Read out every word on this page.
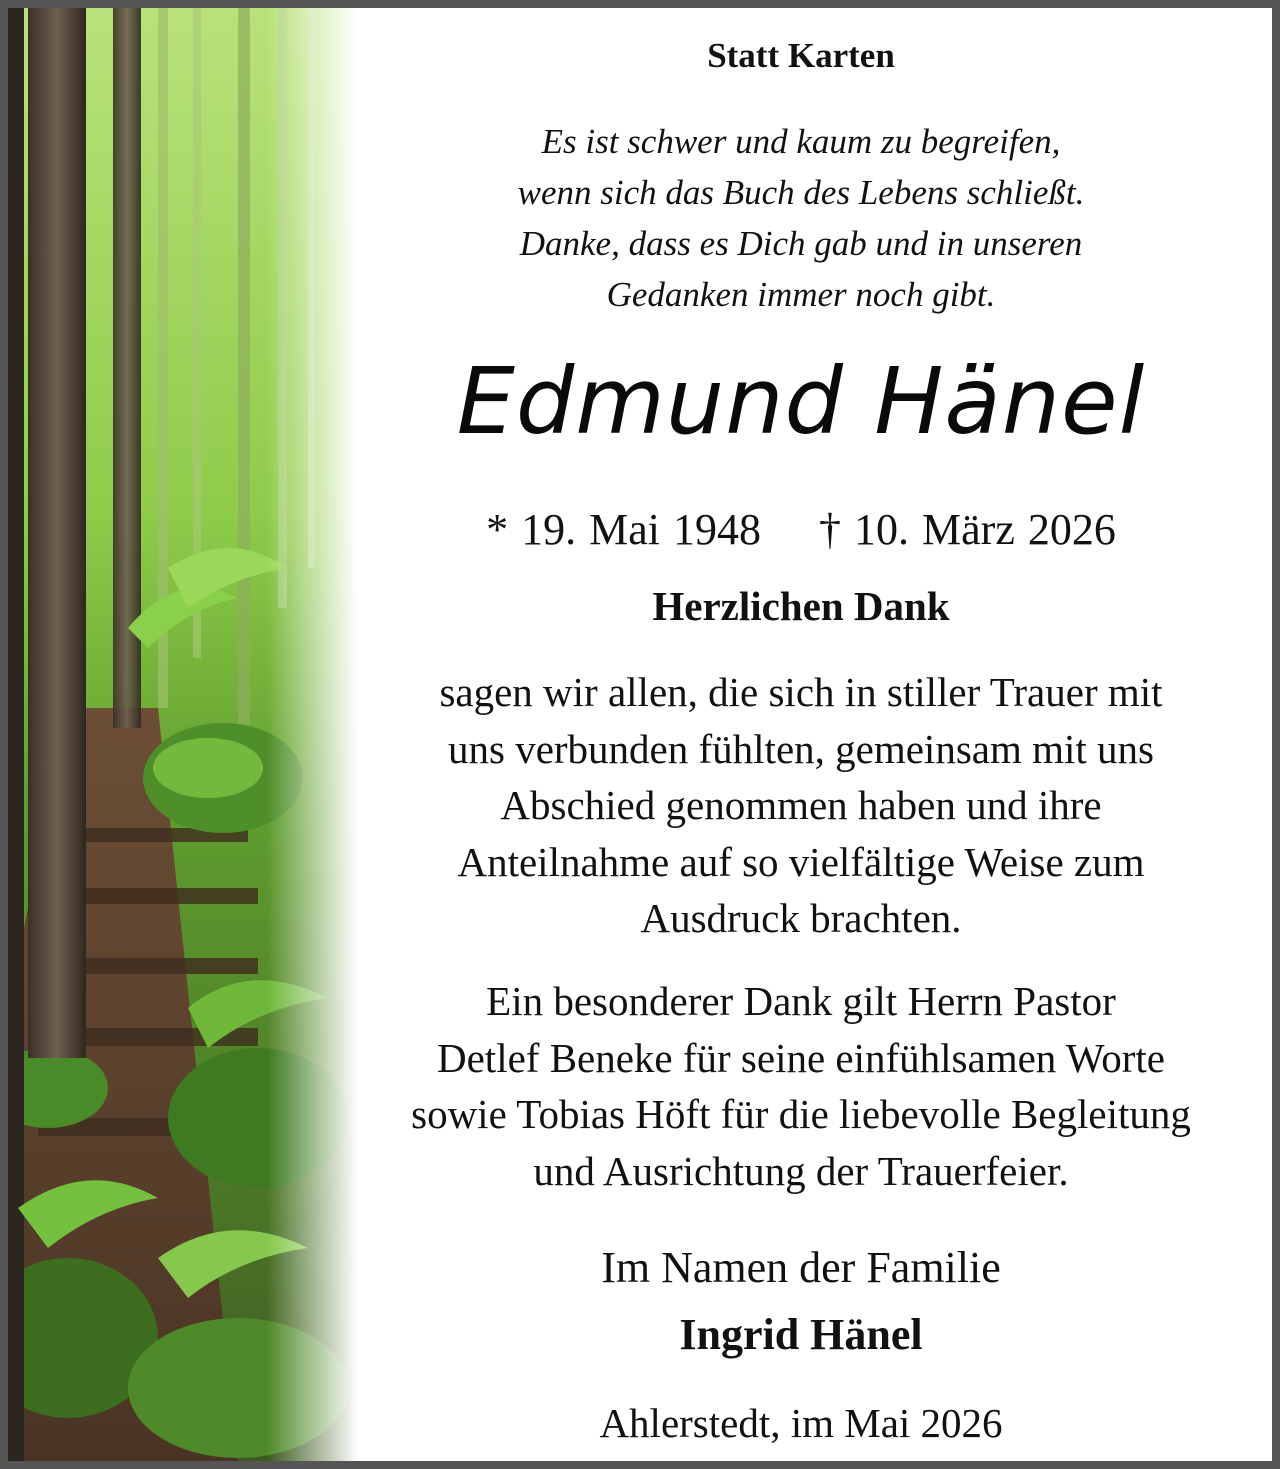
Statt Karten
Es ist schwer und kaum zu begreifen,
wenn sich das Buch des Lebens schließt.
Danke, dass es Dich gab und in unseren
Gedanken immer noch gibt.
Edmund Hänel
* 19. Mai 1948 † 10. März 2026
Herzlichen Dank
sagen wir allen, die sich in stiller Trauer mit
uns verbunden fühlten, gemeinsam mit uns
Abschied genommen haben und ihre
Anteilnahme auf so vielfältige Weise zum
Ausdruck brachten.
Ein besonderer Dank gilt Herrn Pastor
Detlef Beneke für seine einfühlsamen Worte
sowie Tobias Höft für die liebevolle Begleitung
und Ausrichtung der Trauerfeier.
Im Namen der Familie
Ingrid Hänel
Ahlerstedt, im Mai 2026
